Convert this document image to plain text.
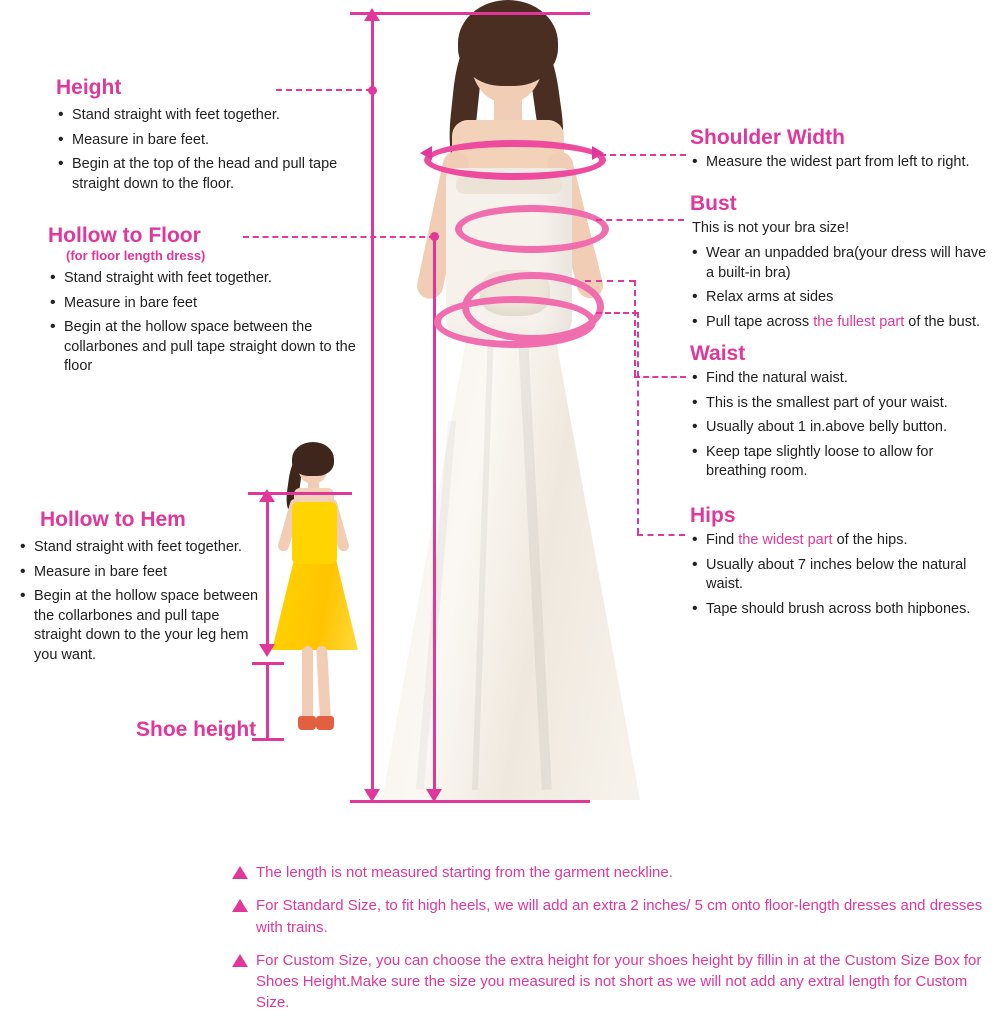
Height
• Stand straight with feet together.
• Measure in bare feet.
• Begin at the top of the head and pull tape straight down to the floor.
Hollow to Floor
(for floor length dress)
• Stand straight with feet together.
• Measure in bare feet
• Begin at the hollow space between the collarbones and pull tape straight down to the floor
Hollow to Hem
• Stand straight with feet together.
• Measure in bare feet
• Begin at the hollow space between the collarbones and pull tape straight down to the your leg hem you want.
Shoe height
Shoulder Width
• Measure the widest part from left to right.
Bust
This is not your bra size!
• Wear an unpadded bra(your dress will have a built-in bra)
• Relax arms at sides
• Pull tape across the fullest part of the bust.
Waist
• Find the natural waist.
• This is the smallest part of your waist.
• Usually about 1 in.above belly button.
• Keep tape slightly loose to allow for breathing room.
Hips
• Find the widest part of the hips.
• Usually about 7 inches below the natural waist.
• Tape should brush across both hipbones.
The length is not measured starting from the garment neckline.
For Standard Size, to fit high heels, we will add an extra 2 inches/ 5 cm onto floor-length dresses and dresses with trains.
For Custom Size, you can choose the extra height for your shoes height by fillin in at the Custom Size Box for Shoes Height.Make sure the size you measured is not short as we will not add any extral length for Custom Size.
